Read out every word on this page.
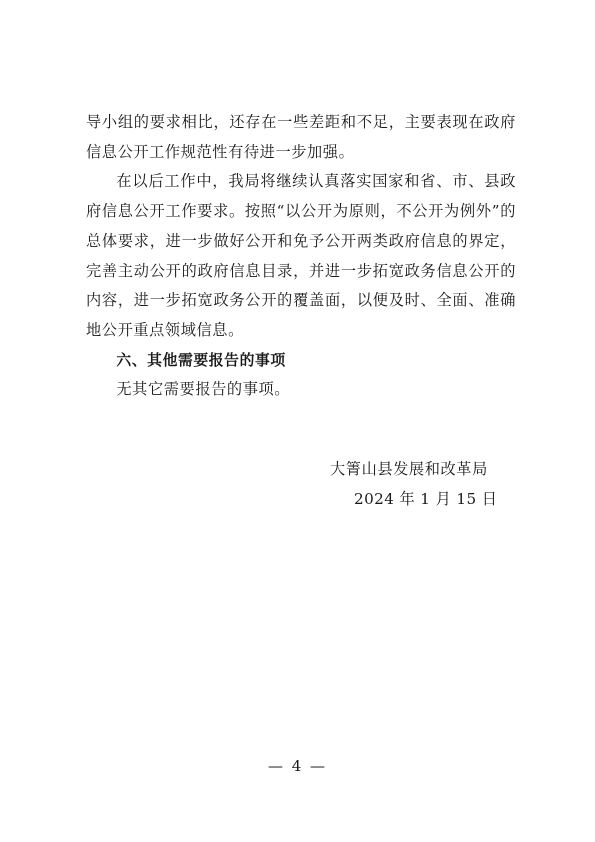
导小组的要求相比，还存在一些差距和不足，主要表现在政府信息公开工作规范性有待进一步加强。

在以后工作中，我局将继续认真落实国家和省、市、县政府信息公开工作要求。按照“以公开为原则，不公开为例外”的总体要求，进一步做好公开和免予公开两类政府信息的界定，完善主动公开的政府信息目录，并进一步拓宽政务信息公开的内容，进一步拓宽政务公开的覆盖面，以便及时、全面、准确地公开重点领域信息。

六、其他需要报告的事项

无其它需要报告的事项。

大箐山县发展和改革局

2024 年 1 月 15 日

— 4 —
